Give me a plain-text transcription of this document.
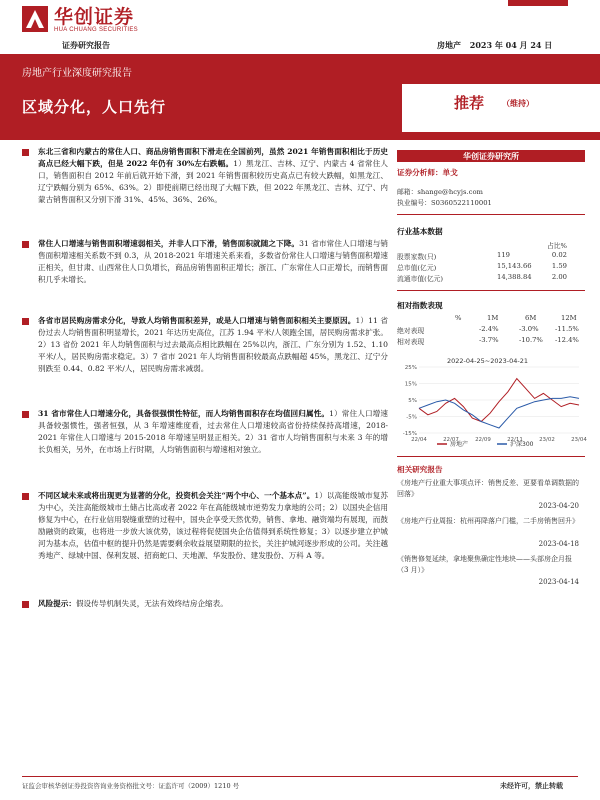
华创证券
HUA CHUANG SECURITIES
证券研究报告	房地产 2023 年 04 月 24 日
房地产行业深度研究报告
区域分化，人口先行	推荐 （维持）
东北三省和内蒙古的常住人口、商品房销售面积下滑走在全国前列，虽然 2021 年销售面积相比于历史高点已经大幅下跌，但是 2022 年仍有 30%左右跌幅。1）黑龙江、吉林、辽宁、内蒙古 4 省常住人口，销售面积自 2012 年前后就开始下滑，到 2021 年销售面积较历史高点已有较大跌幅，如黑龙江、辽宁跌幅分别为 65%、63%。2）即使前期已经出现了大幅下跌，但 2022 年黑龙江、吉林、辽宁、内蒙古销售面积又分别下滑 31%、45%、36%、26%。
常住人口增速与销售面积增速弱相关，并非人口下滑，销售面积就随之下降。31 省市常住人口增速与销售面积增速相关系数不到 0.3，从 2018-2021 年增速关系来看，多数省份常住人口增速与销售面积增速正相关，但甘肃、山西常住人口负增长，商品房销售面积正增长；浙江、广东常住人口正增长，而销售面积几乎未增长。
各省市居民购房需求分化，导致人均销售面积差异，或是人口增速与销售面积相关主要原因。1）11 省份过去人均销售面积明显增长，2021 年达历史高位，江苏 1.94 平米/人领跑全国，居民购房需求扩张。2）13 省份 2021 年人均销售面积与过去最高点相比跌幅在 25%以内，浙江、广东分别为 1.52、1.10 平米/人，居民购房需求稳定。3）7 省市 2021 年人均销售面积较最高点跌幅超 45%，黑龙江、辽宁分别跌至 0.44、0.82 平米/人，居民购房需求减弱。
31 省市常住人口增速分化，具备很强惯性特征，而人均销售面积存在均值回归属性。1）常住人口增速具备较强惯性，强者恒强，从 3 年增速维度看，过去常住人口增速较高省份持续保持高增速，2018-2021 年常住人口增速与 2015-2018 年增速呈明显正相关。2）31 省市人均销售面积与未来 3 年的增长负相关，另外，在市场上行时期，人均销售面积与增速相对独立。
不同区域未来或将出现更为显著的分化，投资机会关注“两个中心、一个基本点”。1）以高能级城市复苏为中心，关注高能级城市土储占比高或者 2022 年在高能级城市逆势发力拿地的公司；2）以国央企信用修复为中心，在行业信用裂缝重塑的过程中，国央企享受天然优势，销售、拿地、融资端均有展现，而鼓励融资的政策，也将进一步放大该优势，该过程将促使国央企估值得到系统性修复；3）以逐步建立护城河为基本点，估值中枢的提升仍然是需要剩余收益展望期限的拉长，关注护城河逐步形成的公司。关注越秀地产、绿城中国、保利发展、招商蛇口、天地源、华发股份、建发股份、万科 A 等。
风险提示：假设传导机制失灵，无法有效终结房企缩表。
华创证券研究所
证券分析师：单戈
邮箱：shange@hcyjs.com
执业编号：S0360522110001
行业基本数据
占比%
股票家数(只)	119	0.02
总市值(亿元)	15,143.66	1.59
流通市值(亿元)	14,388.84	2.00
相对指数表现
%	1M	6M	12M
绝对表现	-2.4%	-3.0% -11.5%
相对表现	-3.7%	-10.7% -12.4%
2022-04-25~2023-04-21
-15%
-5%
5%
15%
25%
22/04	22/07	22/09	22/11	23/02	23/04
房地产	沪深300
相关研究报告
《房地产行业重大事项点评：销售反差、更要看单调数据的回落》
2023-04-20
《房地产行业周报：杭州再降落户门槛，二手房销售回升》
2023-04-18
《销售修复延续，拿地聚焦确定性地块——头部房企月报（3 月）》
2023-04-14
证监会审核华创证券投资咨询业务资格批文号：证监许可（2009）1210 号	未经许可，禁止转载
